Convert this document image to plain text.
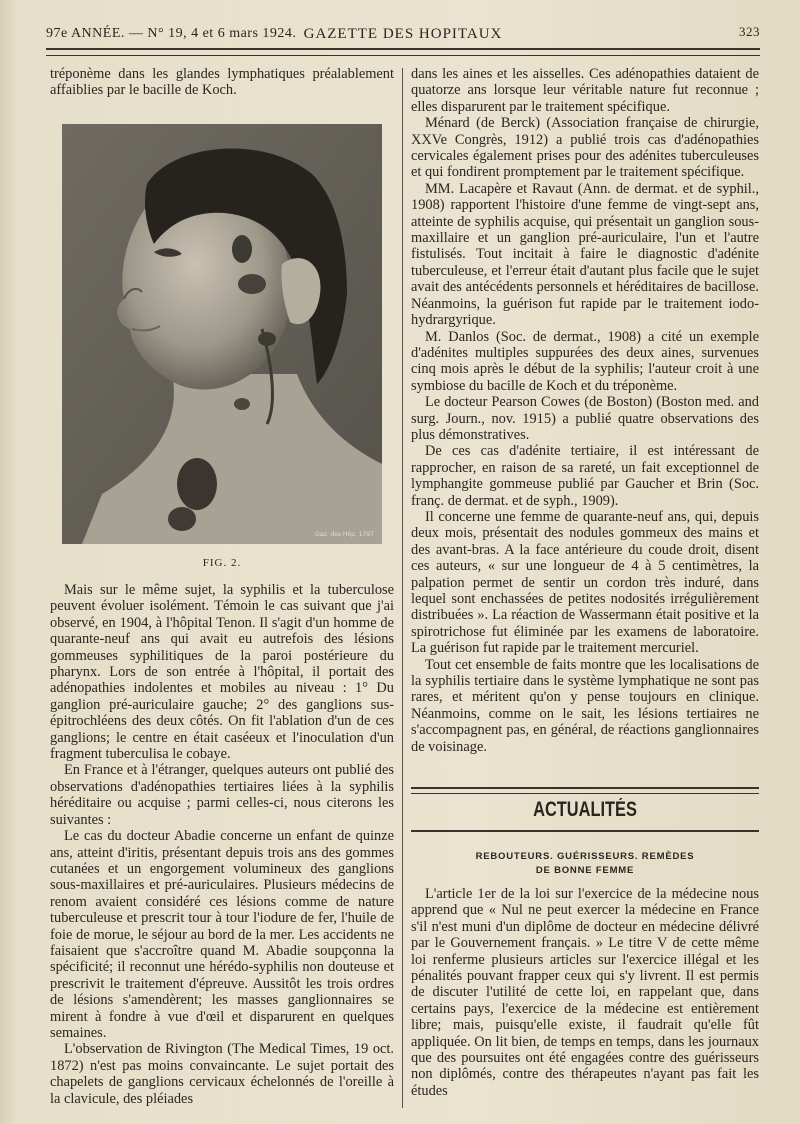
97e ANNÉE. — N° 19, 4 et 6 mars 1924. GAZETTE DES HOPITAUX	323

tréponème dans les glandes lymphatiques préalablement affaiblies par le bacille de Koch.

Gaz. des Hôp. 1797
FIG. 2.

Mais sur le même sujet, la syphilis et la tuberculose peuvent évoluer isolément. Témoin le cas suivant que j'ai observé, en 1904, à l'hôpital Tenon. Il s'agit d'un homme de quarante-neuf ans qui avait eu autrefois des lésions gommeuses syphilitiques de la paroi postérieure du pharynx. Lors de son entrée à l'hôpital, il portait des adénopathies indolentes et mobiles au niveau : 1° Du ganglion pré-auriculaire gauche; 2° des ganglions sus-épitrochléens des deux côtés. On fit l'ablation d'un de ces ganglions; le centre en était caséeux et l'inoculation d'un fragment tuberculisa le cobaye.

En France et à l'étranger, quelques auteurs ont publié des observations d'adénopathies tertiaires liées à la syphilis héréditaire ou acquise ; parmi celles-ci, nous citerons les suivantes :

Le cas du docteur Abadie concerne un enfant de quinze ans, atteint d'iritis, présentant depuis trois ans des gommes cutanées et un engorgement volumineux des ganglions sous-maxillaires et pré-auriculaires. Plusieurs médecins de renom avaient considéré ces lésions comme de nature tuberculeuse et prescrit tour à tour l'iodure de fer, l'huile de foie de morue, le séjour au bord de la mer. Les accidents ne faisaient que s'accroître quand M. Abadie soupçonna la spécificité; il reconnut une hérédo-syphilis non douteuse et prescrivit le traitement d'épreuve. Aussitôt les trois ordres de lésions s'amendèrent; les masses ganglionnaires se mirent à fondre à vue d'œil et disparurent en quelques semaines.

L'observation de Rivington (The Medical Times, 19 oct. 1872) n'est pas moins convaincante. Le sujet portait des chapelets de ganglions cervicaux échelonnés de l'oreille à la clavicule, des pléiades

dans les aines et les aisselles. Ces adénopathies dataient de quatorze ans lorsque leur véritable nature fut reconnue ; elles disparurent par le traitement spécifique.

Ménard (de Berck) (Association française de chirurgie, XXVe Congrès, 1912) a publié trois cas d'adénopathies cervicales également prises pour des adénites tuberculeuses et qui fondirent promptement par le traitement spécifique.

MM. Lacapère et Ravaut (Ann. de dermat. et de syphil., 1908) rapportent l'histoire d'une femme de vingt-sept ans, atteinte de syphilis acquise, qui présentait un ganglion sous-maxillaire et un ganglion pré-auriculaire, l'un et l'autre fistulisés. Tout incitait à faire le diagnostic d'adénite tuberculeuse, et l'erreur était d'autant plus facile que le sujet avait des antécédents personnels et héréditaires de bacillose. Néanmoins, la guérison fut rapide par le traitement iodo-hydrargyrique.

M. Danlos (Soc. de dermat., 1908) a cité un exemple d'adénites multiples suppurées des deux aines, survenues cinq mois après le début de la syphilis; l'auteur croit à une symbiose du bacille de Koch et du tréponème.

Le docteur Pearson Cowes (de Boston) (Boston med. and surg. Journ., nov. 1915) a publié quatre observations des plus démonstratives.

De ces cas d'adénite tertiaire, il est intéressant de rapprocher, en raison de sa rareté, un fait exceptionnel de lymphangite gommeuse publié par Gaucher et Brin (Soc. franç. de dermat. et de syph., 1909).

Il concerne une femme de quarante-neuf ans, qui, depuis deux mois, présentait des nodules gommeux des mains et des avant-bras. A la face antérieure du coude droit, disent ces auteurs, « sur une longueur de 4 à 5 centimètres, la palpation permet de sentir un cordon très induré, dans lequel sont enchassées de petites nodosités irrégulièrement distribuées ». La réaction de Wassermann était positive et la spirotrichose fut éliminée par les examens de laboratoire. La guérison fut rapide par le traitement mercuriel.

Tout cet ensemble de faits montre que les localisations de la syphilis tertiaire dans le système lymphatique ne sont pas rares, et méritent qu'on y pense toujours en clinique. Néanmoins, comme on le sait, les lésions tertiaires ne s'accompagnent pas, en général, de réactions ganglionnaires de voisinage.

ACTUALITÉS
REBOUTEURS. GUÉRISSEURS. REMÈDES
DE BONNE FEMME

L'article 1er de la loi sur l'exercice de la médecine nous apprend que « Nul ne peut exercer la médecine en France s'il n'est muni d'un diplôme de docteur en médecine délivré par le Gouvernement français. » Le titre V de cette même loi renferme plusieurs articles sur l'exercice illégal et les pénalités pouvant frapper ceux qui s'y livrent. Il est permis de discuter l'utilité de cette loi, en rappelant que, dans certains pays, l'exercice de la médecine est entièrement libre; mais, puisqu'elle existe, il faudrait qu'elle fût appliquée. On lit bien, de temps en temps, dans les journaux que des poursuites ont été engagées contre des guérisseurs non diplômés, contre des thérapeutes n'ayant pas fait les études
